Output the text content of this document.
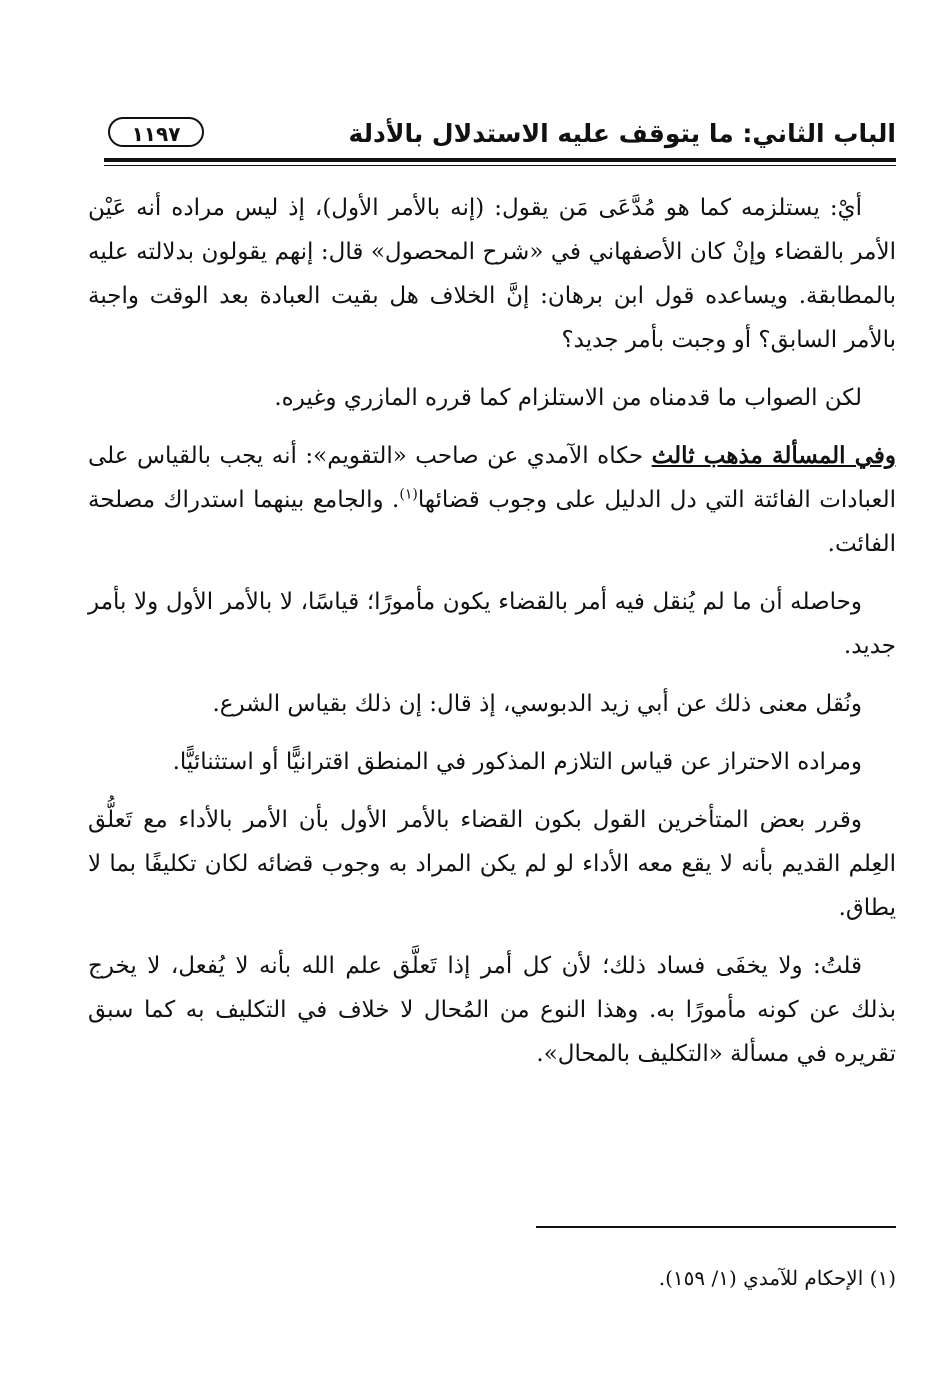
الباب الثاني: ما يتوقف عليه الاستدلال بالأدلة
١١٩٧

أيْ: يستلزمه كما هو مُدَّعَى مَن يقول: (إنه بالأمر الأول)، إذ ليس مراده أنه عَيْن الأمر بالقضاء وإنْ كان الأصفهاني في «شرح المحصول» قال: إنهم يقولون بدلالته عليه بالمطابقة. ويساعده قول ابن برهان: إنَّ الخلاف هل بقيت العبادة بعد الوقت واجبة بالأمر السابق؟ أو وجبت بأمر جديد؟

لكن الصواب ما قدمناه من الاستلزام كما قرره المازري وغيره.

وفي المسألة مذهب ثالث حكاه الآمدي عن صاحب «التقويم»: أنه يجب بالقياس على العبادات الفائتة التي دل الدليل على وجوب قضائها$^{(١)}$. والجامع بينهما استدراك مصلحة الفائت.

وحاصله أن ما لم يُنقل فيه أمر بالقضاء يكون مأمورًا؛ قياسًا، لا بالأمر الأول ولا بأمر جديد.

ونُقل معنى ذلك عن أبي زيد الدبوسي، إذ قال: إن ذلك بقياس الشرع.

ومراده الاحتراز عن قياس التلازم المذكور في المنطق اقترانيًّا أو استثنائيًّا.

وقرر بعض المتأخرين القول بكون القضاء بالأمر الأول بأن الأمر بالأداء مع تَعلُّق العِلم القديم بأنه لا يقع معه الأداء لو لم يكن المراد به وجوب قضائه لكان تكليفًا بما لا يطاق.

قلتُ: ولا يخفَى فساد ذلك؛ لأن كل أمر إذا تَعلَّق علم الله بأنه لا يُفعل، لا يخرج بذلك عن كونه مأمورًا به. وهذا النوع من المُحال لا خلاف في التكليف به كما سبق تقريره في مسألة «التكليف بالمحال».

(١) الإحكام للآمدي (١/ ١٥٩).
